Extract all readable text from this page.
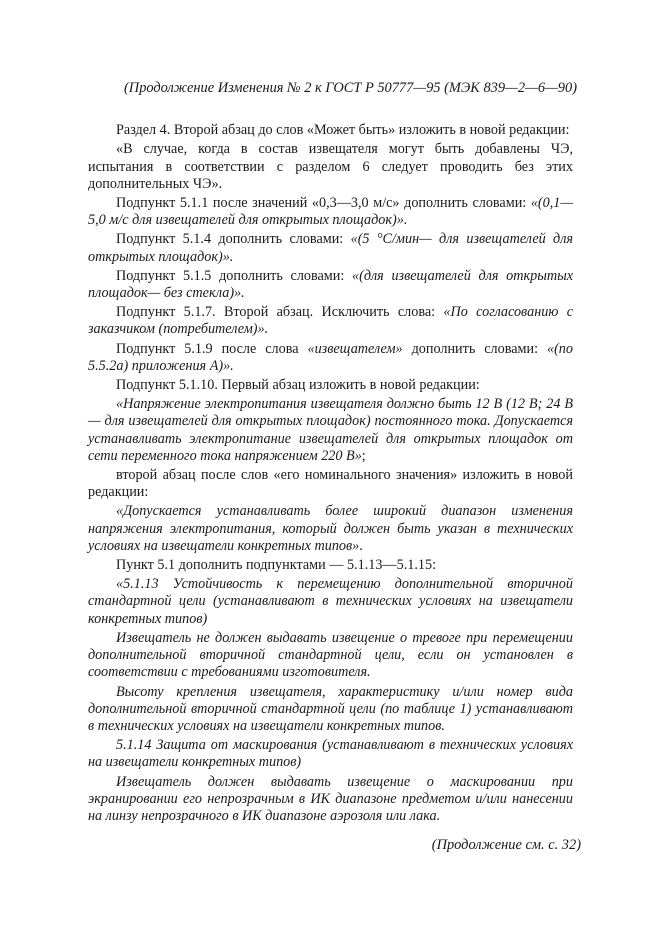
(Продолжение Изменения № 2 к ГОСТ Р 50777—95 (МЭК 839—2—6—90)

Раздел 4. Второй абзац до слов «Может быть» изложить в новой редакции:

«В случае, когда в состав извещателя могут быть добавлены ЧЭ, испытания в соответствии с разделом 6 следует проводить без этих дополнительных ЧЭ».

Подпункт 5.1.1 после значений «0,3—3,0 м/с» дополнить словами: «(0,1—5,0 м/с для извещателей для открытых площадок)».

Подпункт 5.1.4 дополнить словами: «(5 °С/мин— для извещателей для открытых площадок)».

Подпункт 5.1.5 дополнить словами: «(для извещателей для открытых площадок— без стекла)».

Подпункт 5.1.7. Второй абзац. Исключить слова: «По согласованию с заказчиком (потребителем)».

Подпункт 5.1.9 после слова «извещателем» дополнить словами: «(по 5.5.2а) приложения А)».

Подпункт 5.1.10. Первый абзац изложить в новой редакции:

«Напряжение электропитания извещателя должно быть 12 В (12 В; 24 В — для извещателей для открытых площадок) постоянного тока. Допускается устанавливать электропитание извещателей для открытых площадок от сети переменного тока напряжением 220 В»;

второй абзац после слов «его номинального значения» изложить в новой редакции:

«Допускается устанавливать более широкий диапазон изменения напряжения электропитания, который должен быть указан в технических условиях на извещатели конкретных типов».

Пункт 5.1 дополнить подпунктами — 5.1.13—5.1.15:

«5.1.13 Устойчивость к перемещению дополнительной вторичной стандартной цели (устанавливают в технических условиях на извещатели конкретных типов)

Извещатель не должен выдавать извещение о тревоге при перемещении дополнительной вторичной стандартной цели, если он установлен в соответствии с требованиями изготовителя.

Высоту крепления извещателя, характеристику и/или номер вида дополнительной вторичной стандартной цели (по таблице 1) устанавливают в технических условиях на извещатели конкретных типов.

5.1.14 Защита от маскирования (устанавливают в технических условиях на извещатели конкретных типов)

Извещатель должен выдавать извещение о маскировании при экранировании его непрозрачным в ИК диапазоне предметом и/или нанесении на линзу непрозрачного в ИК диапазоне аэрозоля или лака.

(Продолжение см. с. 32)
